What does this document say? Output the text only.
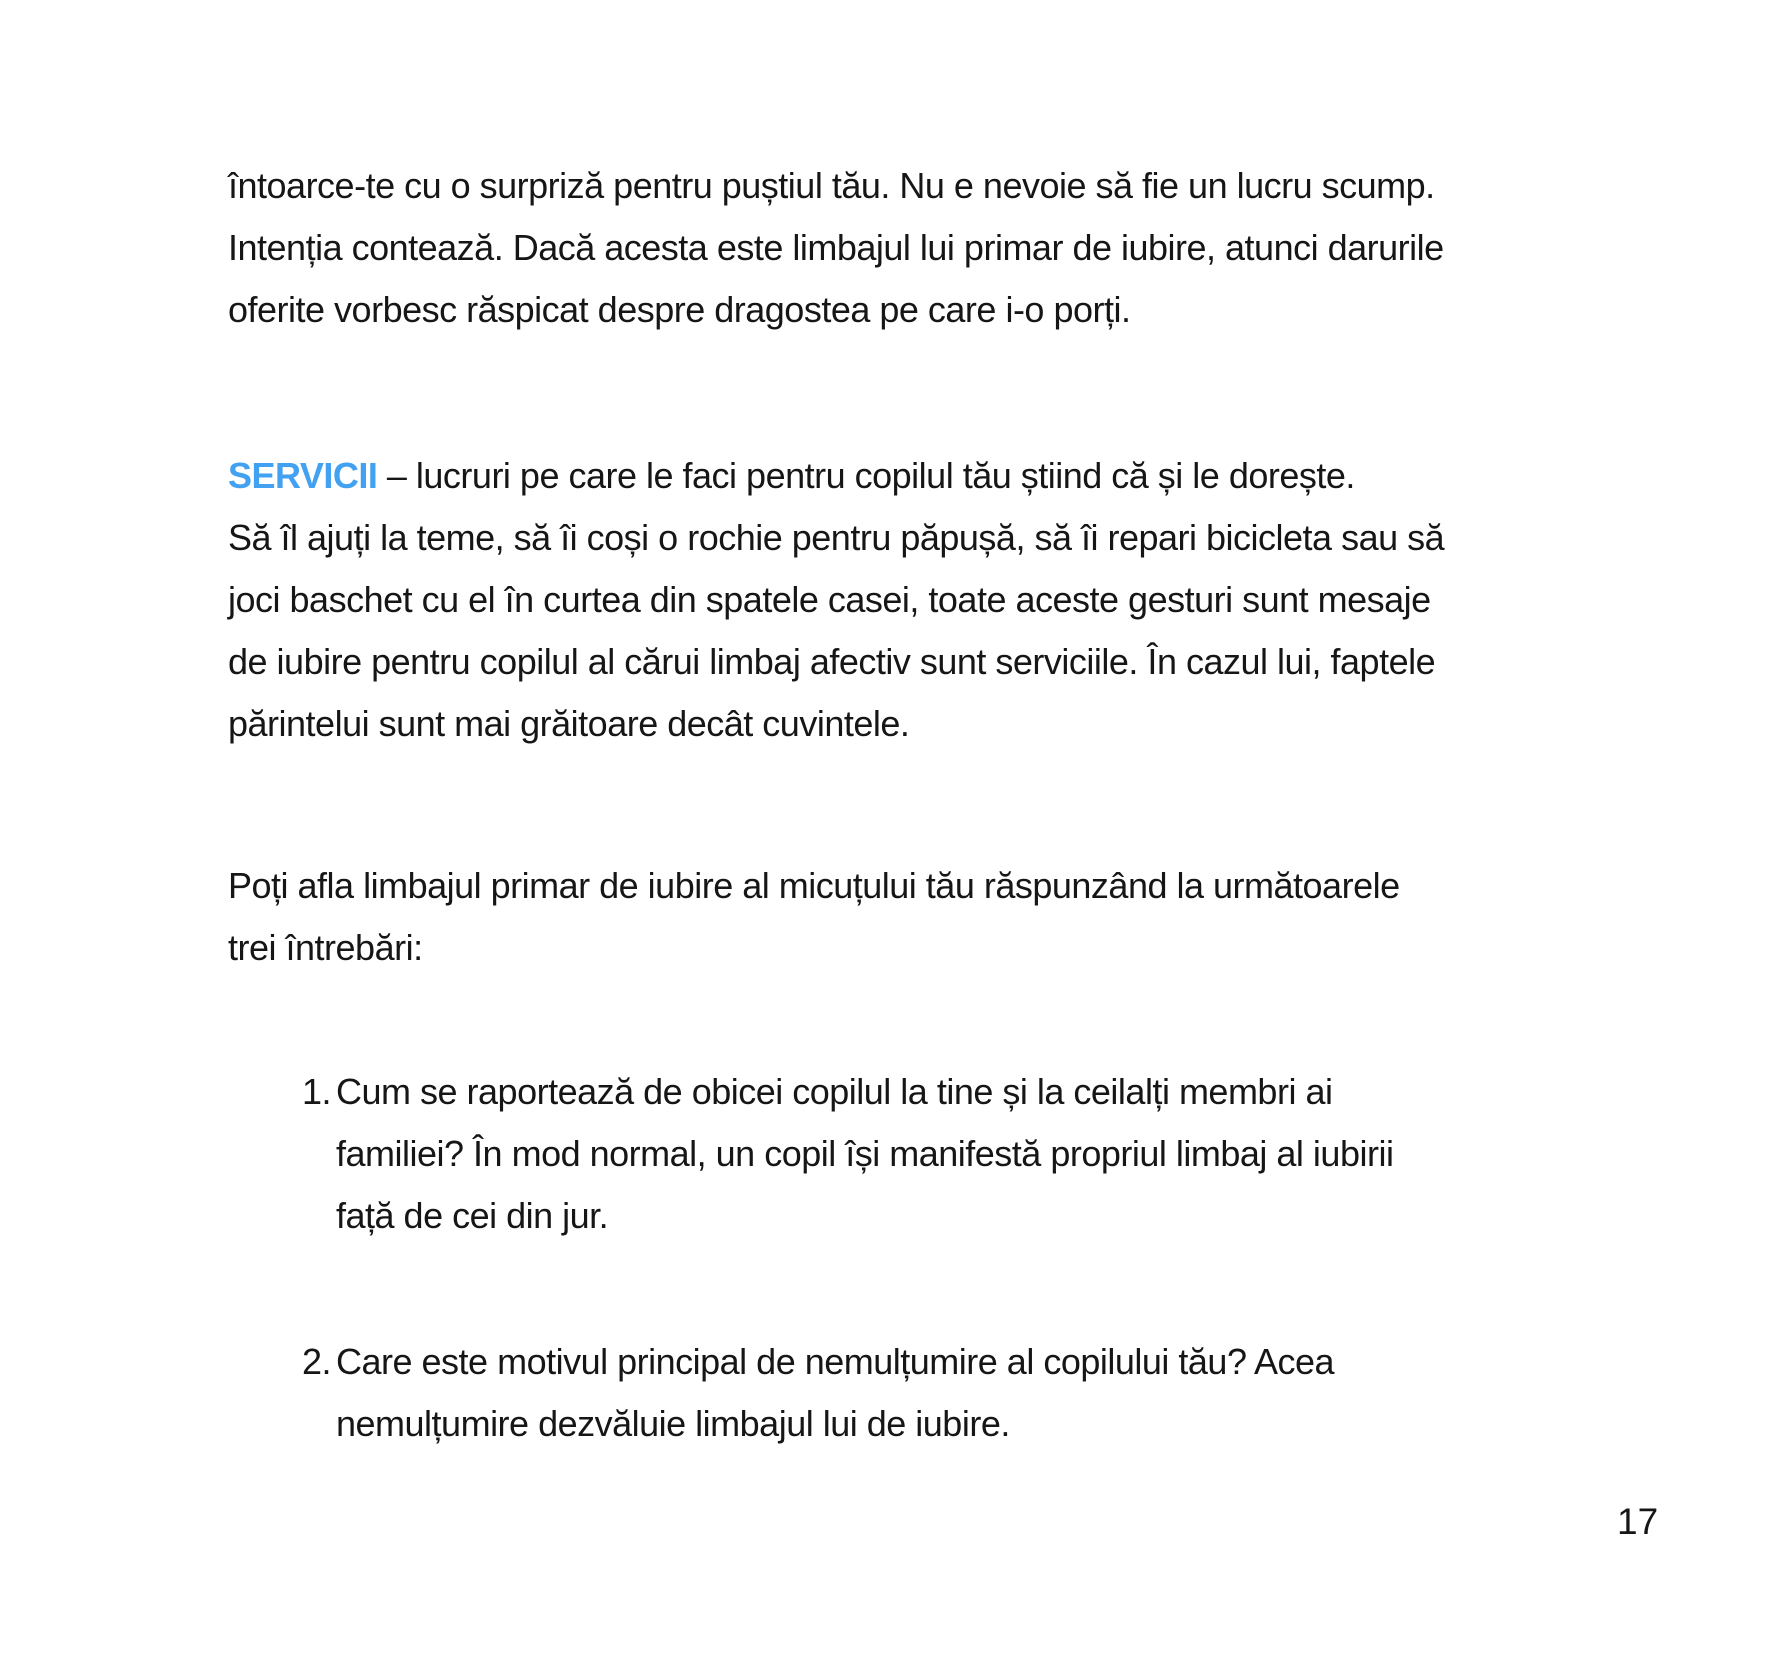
întoarce-te cu o surpriză pentru puștiul tău. Nu e nevoie să fie un lucru scump.
Intenția contează. Dacă acesta este limbajul lui primar de iubire, atunci darurile
oferite vorbesc răspicat despre dragostea pe care i-o porți.
SERVICII – lucruri pe care le faci pentru copilul tău știind că și le dorește.
Să îl ajuți la teme, să îi coși o rochie pentru păpușă, să îi repari bicicleta sau să
joci baschet cu el în curtea din spatele casei, toate aceste gesturi sunt mesaje
de iubire pentru copilul al cărui limbaj afectiv sunt serviciile. În cazul lui, faptele
părintelui sunt mai grăitoare decât cuvintele.
Poți afla limbajul primar de iubire al micuțului tău răspunzând la următoarele
trei întrebări:
1. Cum se raportează de obicei copilul la tine și la ceilalți membri ai
familiei? În mod normal, un copil își manifestă propriul limbaj al iubirii
față de cei din jur.
2. Care este motivul principal de nemulțumire al copilului tău? Acea
nemulțumire dezvăluie limbajul lui de iubire.
17
